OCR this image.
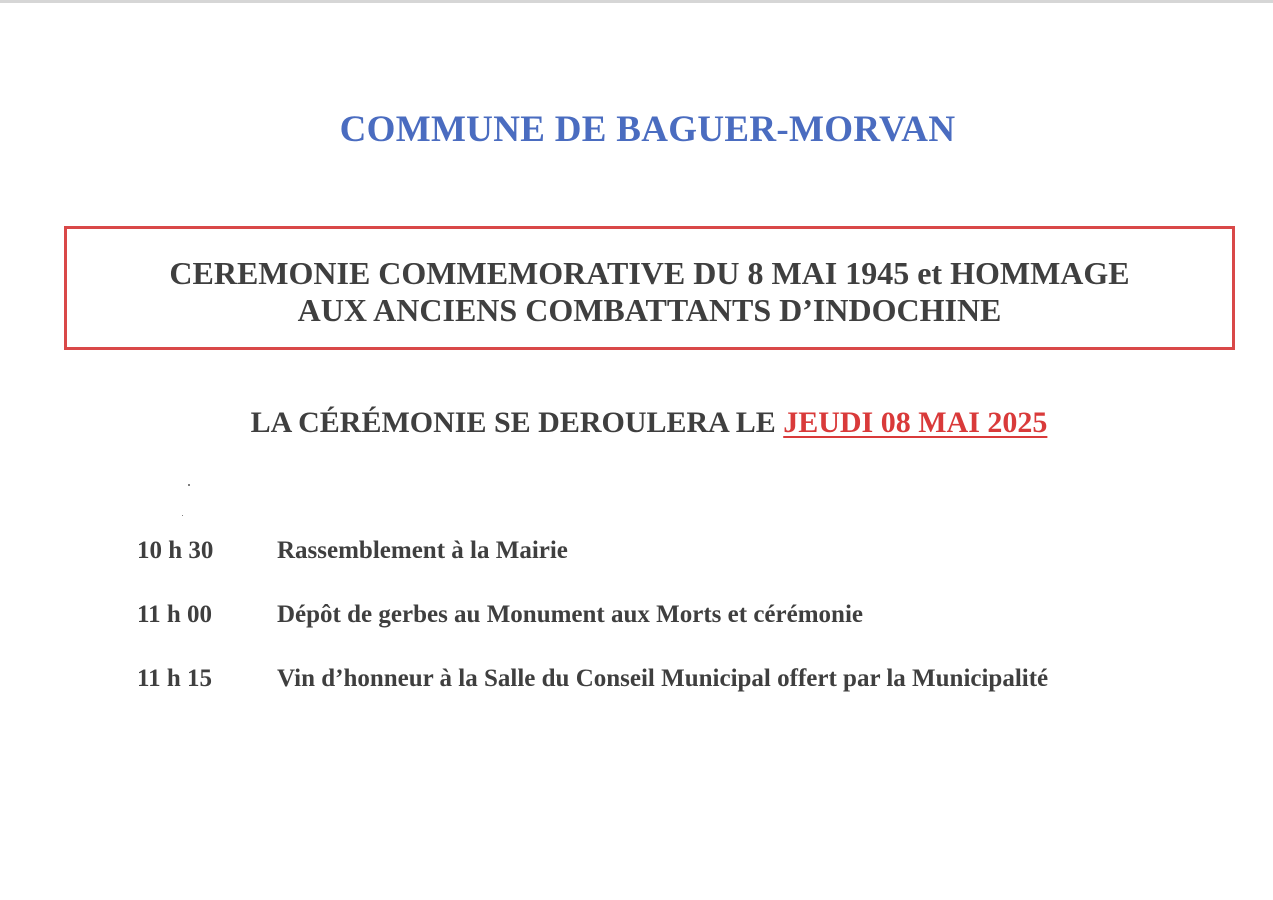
COMMUNE DE BAGUER-MORVAN
CEREMONIE COMMEMORATIVE DU 8 MAI 1945 et HOMMAGE
AUX ANCIENS COMBATTANTS D’INDOCHINE
LA CÉRÉMONIE SE DEROULERA LE JEUDI 08 MAI 2025
10 h 30	Rassemblement à la Mairie
11 h 00	Dépôt de gerbes au Monument aux Morts et cérémonie
11 h 15	Vin d’honneur à la Salle du Conseil Municipal offert par la Municipalité
